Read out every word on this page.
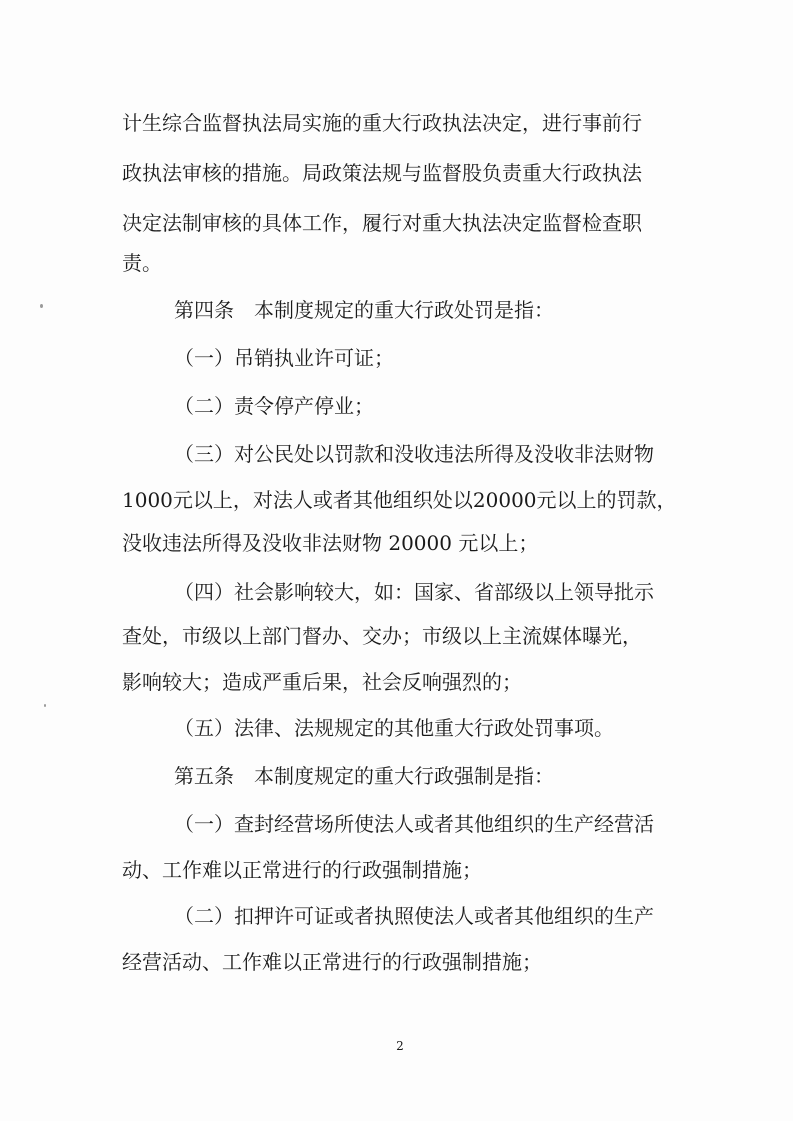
计生综合监督执法局实施的重大行政执法决定，进行事前行
政执法审核的措施。局政策法规与监督股负责重大行政执法
决定法制审核的具体工作，履行对重大执法决定监督检查职
责。
第四条　本制度规定的重大行政处罚是指：
（一）吊销执业许可证；
（二）责令停产停业；
（三）对公民处以罚款和没收违法所得及没收非法财物
1000元以上，对法人或者其他组织处以20000元以上的罚款，
没收违法所得及没收非法财物 20000 元以上；
（四）社会影响较大，如：国家、省部级以上领导批示
查处，市级以上部门督办、交办；市级以上主流媒体曝光，
影响较大；造成严重后果，社会反响强烈的；
（五）法律、法规规定的其他重大行政处罚事项。
第五条　本制度规定的重大行政强制是指：
（一）查封经营场所使法人或者其他组织的生产经营活
动、工作难以正常进行的行政强制措施；
（二）扣押许可证或者执照使法人或者其他组织的生产
经营活动、工作难以正常进行的行政强制措施；
2
